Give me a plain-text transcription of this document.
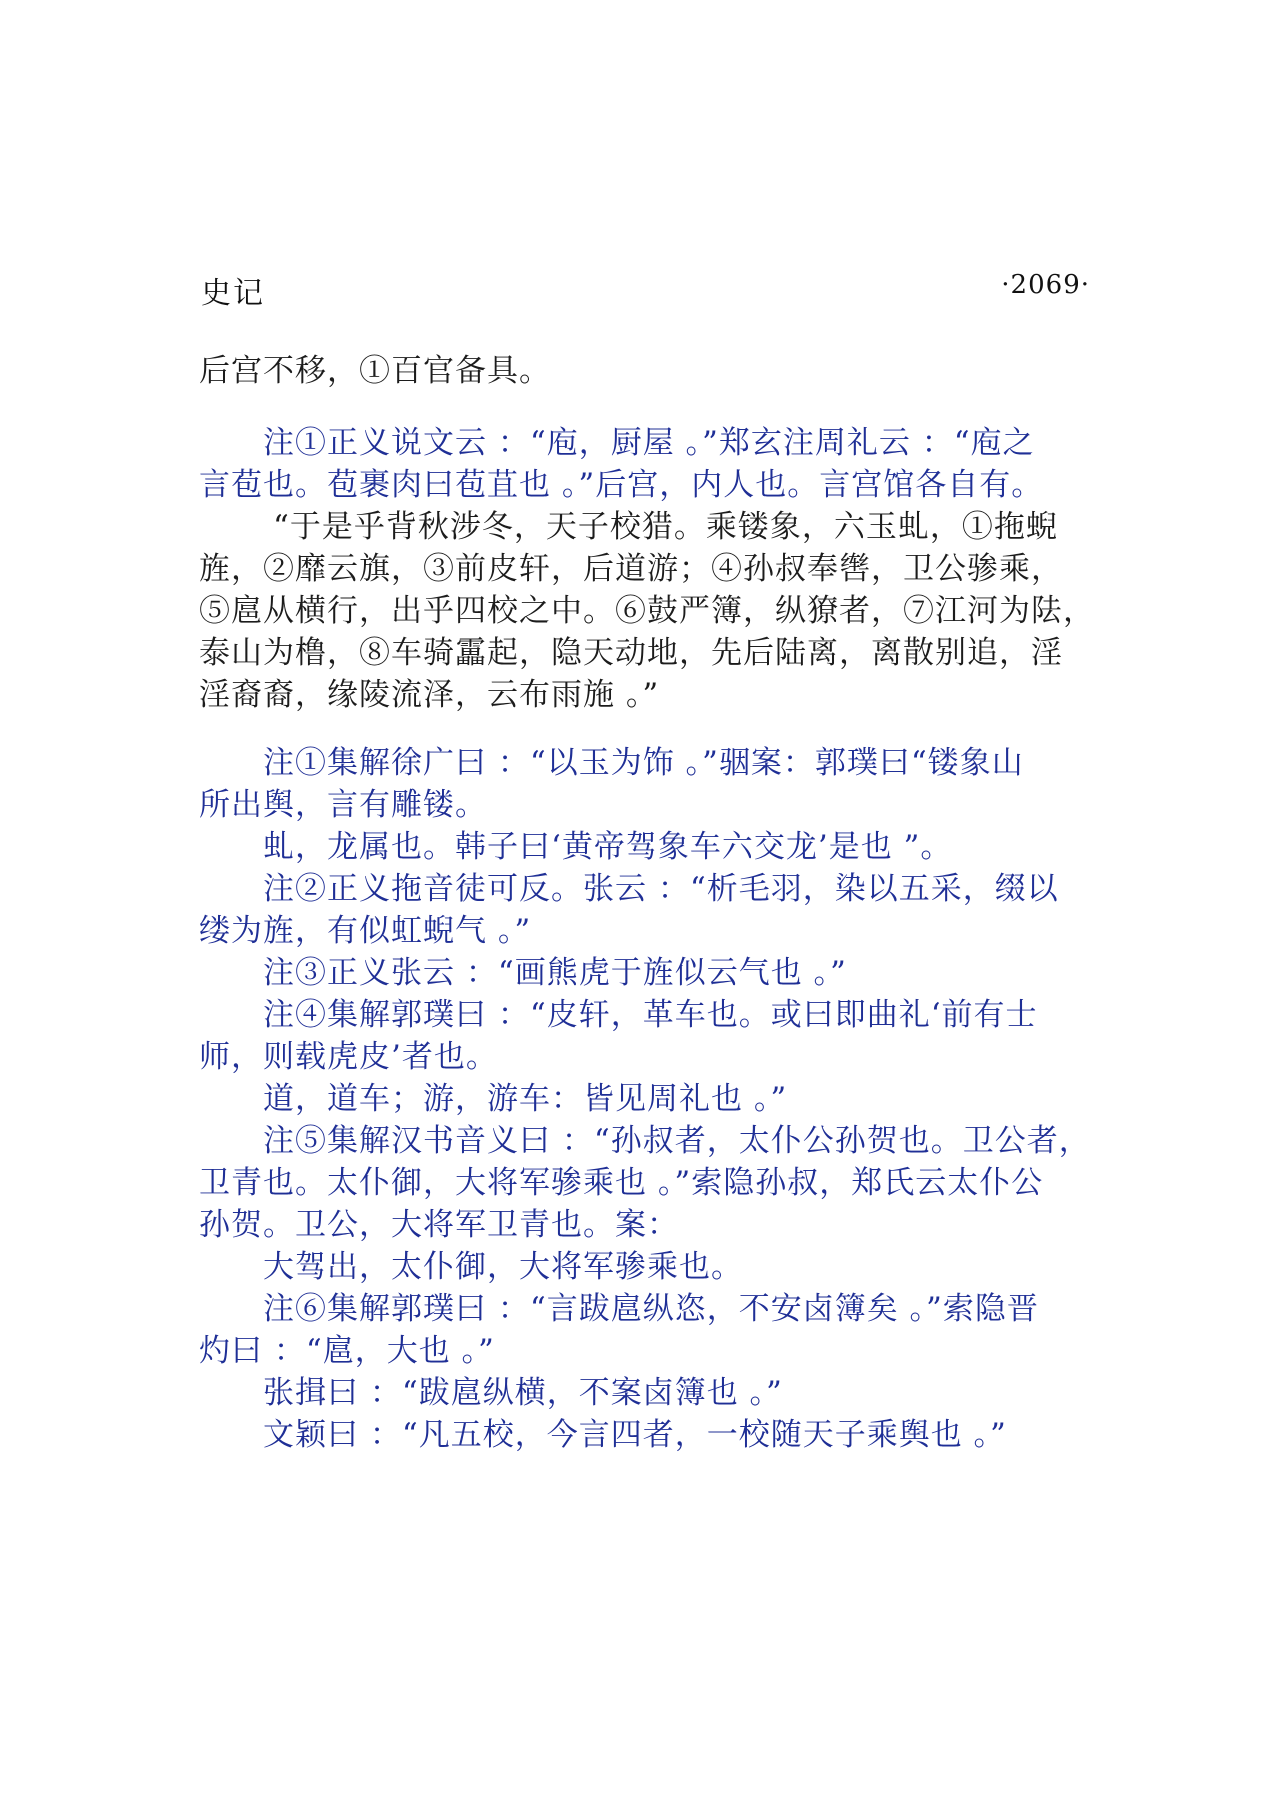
史记	·2069·
后宫不移，①百官备具。
注①正义说文云 ：“庖，厨屋 。”郑玄注周礼云 ：“庖之
言苞也。苞裹肉曰苞苴也 。”后宫，内人也。言宫馆各自有。
“于是乎背秋涉冬，天子校猎。乘镂象，六玉虬，①拖蜺
旌，②靡云旗，③前皮轩，后道游；④孙叔奉辔，卫公骖乘，
⑤扈从横行，出乎四校之中。⑥鼓严簿，纵獠者，⑦江河为阹，
泰山为橹，⑧车骑靁起，隐天动地，先后陆离，离散别追，淫
淫裔裔，缘陵流泽，云布雨施 。”
注①集解徐广曰 ：“以玉为饰 。”骃案：郭璞曰“镂象山
所出舆，言有雕镂。
虬，龙属也。韩子曰‘黄帝驾象车六交龙’是也 ”。
注②正义拖音徒可反。张云 ：“析毛羽，染以五采，缀以
缕为旌，有似虹蜺气 。”
注③正义张云 ：“画熊虎于旌似云气也 。”
注④集解郭璞曰 ：“皮轩，革车也。或曰即曲礼‘前有士
师，则载虎皮’者也。
道，道车；游，游车：皆见周礼也 。”
注⑤集解汉书音义曰 ：“孙叔者，太仆公孙贺也。卫公者，
卫青也。太仆御，大将军骖乘也 。”索隐孙叔，郑氏云太仆公
孙贺。卫公，大将军卫青也。案：
大驾出，太仆御，大将军骖乘也。
注⑥集解郭璞曰 ：“言跋扈纵恣，不安卤簿矣 。”索隐晋
灼曰 ：“扈，大也 。”
张揖曰 ：“跋扈纵横，不案卤簿也 。”
文颖曰 ：“凡五校，今言四者，一校随天子乘舆也 。”
